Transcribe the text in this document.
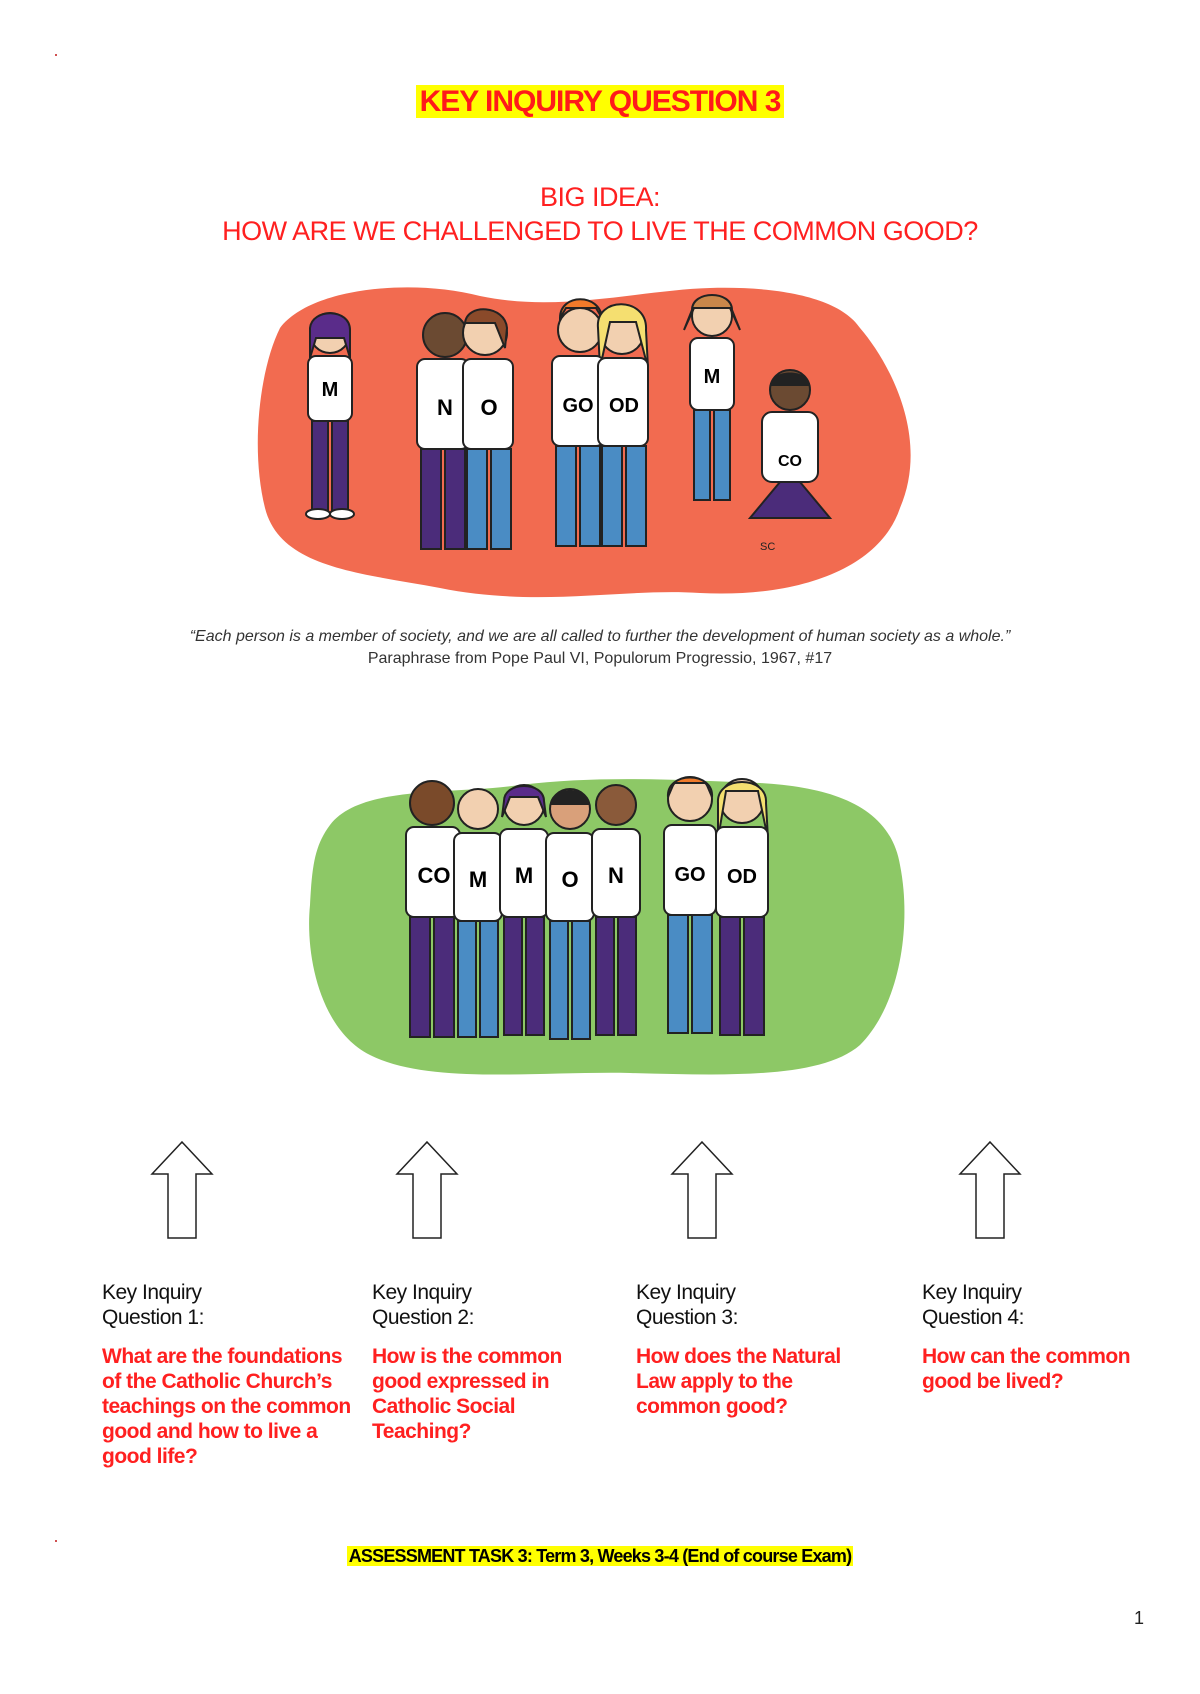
KEY INQUIRY QUESTION 3
BIG IDEA:
HOW ARE WE CHALLENGED TO LIVE THE COMMON GOOD?
M
N O	GO OD
M
CO
SC
“Each person is a member of society, and we are all called to further the development of human society as a whole.”
Paraphrase from Pope Paul VI, Populorum Progressio, 1967, #17
CO M M O N	GO OD
Key Inquiry
Question 1:
What are the foundations of the Catholic Church’s teachings on the common good and how to live a good life?
Key Inquiry
Question 2:
How is the common good expressed in Catholic Social Teaching?
Key Inquiry
Question 3:
How does the Natural Law apply to the common good?
Key Inquiry
Question 4:
How can the common good be lived?
ASSESSMENT TASK 3: Term 3, Weeks 3-4 (End of course Exam)
1
